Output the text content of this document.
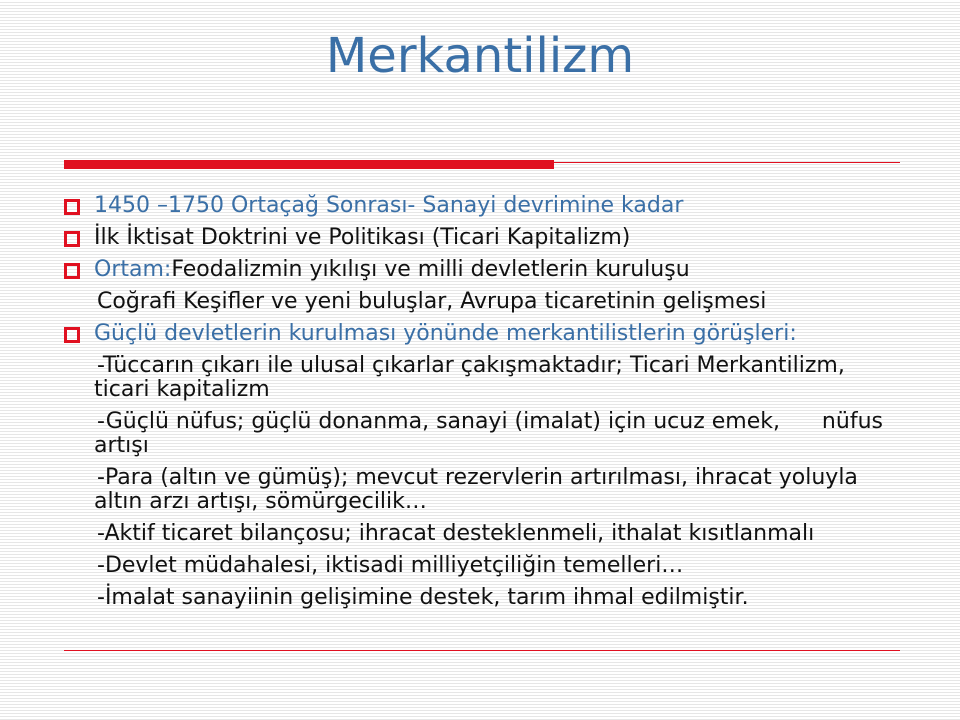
Merkantilizm
1450 –1750 Ortaçağ Sonrası- Sanayi devrimine kadar
İlk İktisat Doktrini ve Politikası (Ticari Kapitalizm)
Ortam:Feodalizmin yıkılışı ve milli devletlerin kuruluşu
Coğrafi Keşifler ve yeni buluşlar, Avrupa ticaretinin gelişmesi
Güçlü devletlerin kurulması yönünde merkantilistlerin görüşleri:
-Tüccarın çıkarı ile ulusal çıkarlar çakışmaktadır; Ticari Merkantilizm, ticari kapitalizm
-Güçlü nüfus; güçlü donanma, sanayi (imalat) için ucuz emek,      nüfus artışı
-Para (altın ve gümüş); mevcut rezervlerin artırılması, ihracat yoluyla altın arzı artışı, sömürgecilik…
-Aktif ticaret bilançosu; ihracat desteklenmeli, ithalat kısıtlanmalı
-Devlet müdahalesi, iktisadi milliyetçiliğin temelleri…
-İmalat sanayiinin gelişimine destek, tarım ihmal edilmiştir.
